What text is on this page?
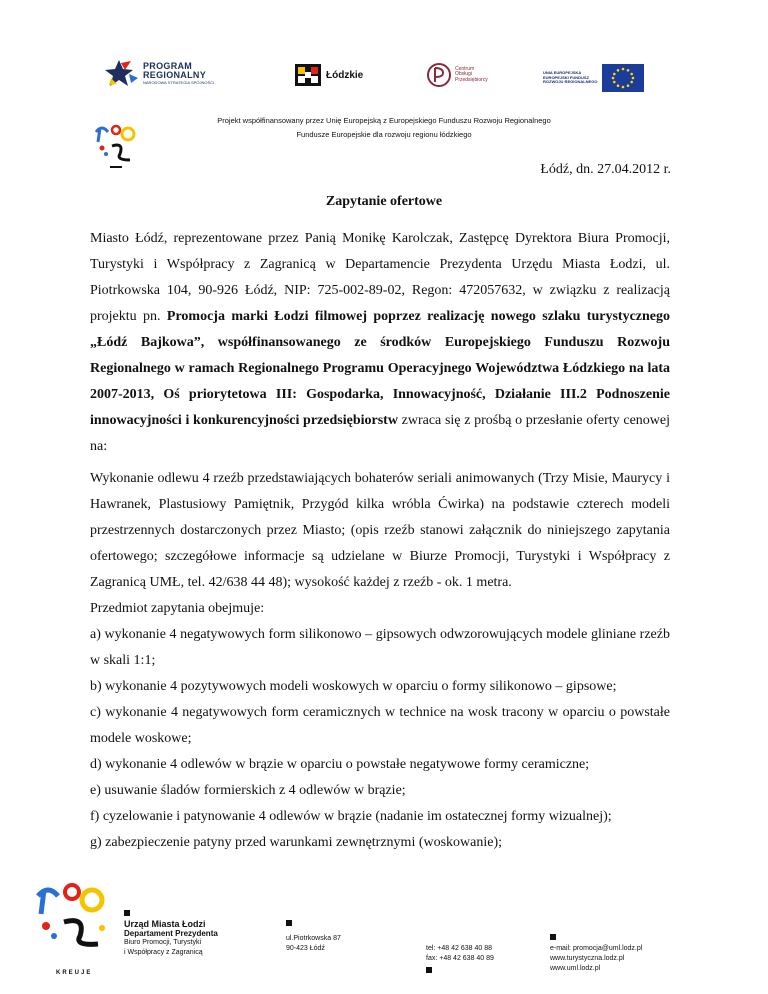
PROGRAM
REGIONALNY
NARODOWA STRATEGIA SPÓJNOŚCI
Łódzkie
Centrum
Obsługi
Przedsiębiorcy
UNIA EUROPEJSKA
EUROPEJSKI FUNDUSZ
ROZWOJU REGIONALNEGO
Projekt współfinansowany przez Unię Europejską z Europejskiego Funduszu Rozwoju Regionalnego
Fundusze Europejskie dla rozwoju regionu łódzkiego
Łódź, dn. 27.04.2012 r.
Zapytanie ofertowe

Miasto Łódź, reprezentowane przez Panią Monikę Karolczak, Zastępcę Dyrektora Biura Promocji, Turystyki i Współpracy z Zagranicą w Departamencie Prezydenta Urzędu Miasta Łodzi, ul. Piotrkowska 104, 90-926 Łódź, NIP: 725-002-89-02, Regon: 472057632, w związku z realizacją projektu pn. Promocja marki Łodzi filmowej poprzez realizację nowego szlaku turystycznego „Łódź Bajkowa”, współfinansowanego ze środków Europejskiego Funduszu Rozwoju Regionalnego w ramach Regionalnego Programu Operacyjnego Województwa Łódzkiego na lata 2007-2013, Oś priorytetowa III: Gospodarka, Innowacyjność, Działanie III.2 Podnoszenie innowacyjności i konkurencyjności przedsiębiorstw zwraca się z prośbą o przesłanie oferty cenowej na:

Wykonanie odlewu 4 rzeźb przedstawiających bohaterów seriali animowanych (Trzy Misie, Maurycy i Hawranek, Plastusiowy Pamiętnik, Przygód kilka wróbla Ćwirka) na podstawie czterech modeli przestrzennych dostarczonych przez Miasto; (opis rzeźb stanowi załącznik do niniejszego zapytania ofertowego; szczegółowe informacje są udzielane w Biurze Promocji, Turystyki i Współpracy z Zagranicą UMŁ, tel. 42/638 44 48); wysokość każdej z rzeźb - ok. 1 metra.

Przedmiot zapytania obejmuje:

a) wykonanie 4 negatywowych form silikonowo – gipsowych odwzorowujących modele gliniane rzeźb w skali 1:1;

b) wykonanie 4 pozytywowych modeli woskowych w oparciu o formy silikonowo – gipsowe;

c) wykonanie 4 negatywowych form ceramicznych w technice na wosk tracony w oparciu o powstałe modele woskowe;

d) wykonanie 4 odlewów w brązie w oparciu o powstałe negatywowe formy ceramiczne;

e) usuwanie śladów formierskich z 4 odlewów w brązie;

f) cyzelowanie i patynowanie 4 odlewów w brązie (nadanie im ostatecznej formy wizualnej);

g) zabezpieczenie patyny przed warunkami zewnętrznymi (woskowanie);

KREUJE
Urząd Miasta Łodzi
Departament Prezydenta
Biuro Promocji, Turystyki
i Współpracy z Zagranicą
ul.Piotrkowska 87
90-423 Łódź	tel: +48 42 638 40 88
fax: +48 42 638 40 89
e-mail: promocja@uml.lodz.pl
www.turystyczna.lodz.pl
www.uml.lodz.pl
